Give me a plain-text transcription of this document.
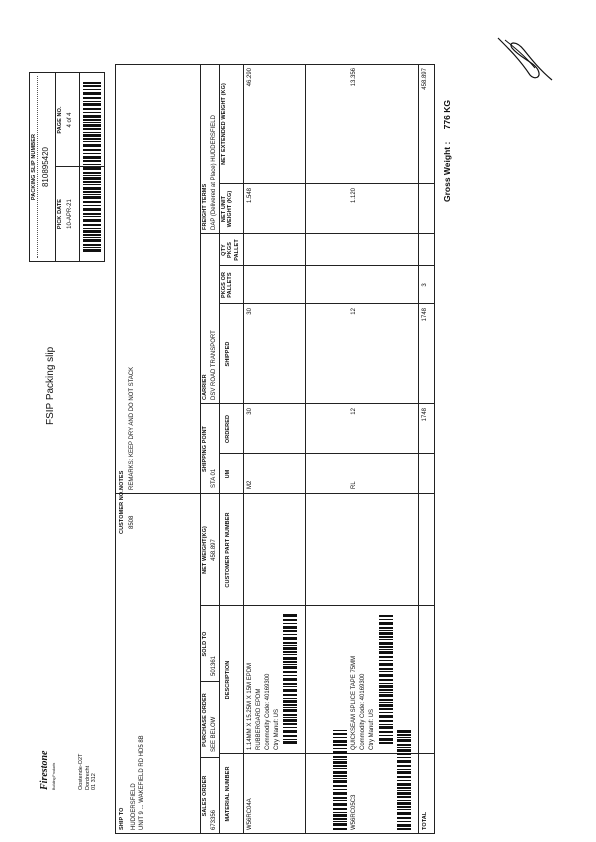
Firestone Building Products	Oostende-O2T Dordrecht 01 312
FSIP Packing slip
PACKING SLIP NUMBER 810895420
PICK DATE 10-APR-21
PAGE NO. 4 of 4
SHIP TO HUDDERSFIELD UNIT 9 ... WAKEFIELD RD HD5 8B
CUSTOMER NO. 8508
NOTES REMARKS: KEEP DRY AND DO NOT STACK
SALES ORDER
673356
PURCHASE ORDER SEE BELOW
SOLD TO
501361
NET WEIGHT(KG) 458.897
SHIPPING POINT
STA 01
CARRIER DSV ROAD TRANSPORT
FREIGHT TERMS DAP (Delivered at Place) HUDDERSFIELD
MATERIAL NUMBER
DESCRIPTION
CUSTOMER PART NUMBER
UM
ORDERED
SHIPPED
PKGS OR PALLETS
QTY PKGS PALLET
NET UNIT WEIGHT (KG)
NET EXTENDED WEIGHT (KG)
W56RC04A
1.14MM X 15.25M X 15M EPDM RUBBERGARD EPDM Commodity Code: 40169300 Ctry Manuf: US
M2
30
30
1.548
46.290
W56RC05C3
QUICKSEAM SPLICE TAPE 75MM Commodity Code: 40169300 Ctry Manuf: US
RL
12
12
1.120
13.356
TOTAL
1748
1748
3
458.897
Gross Weight : 776 KG
